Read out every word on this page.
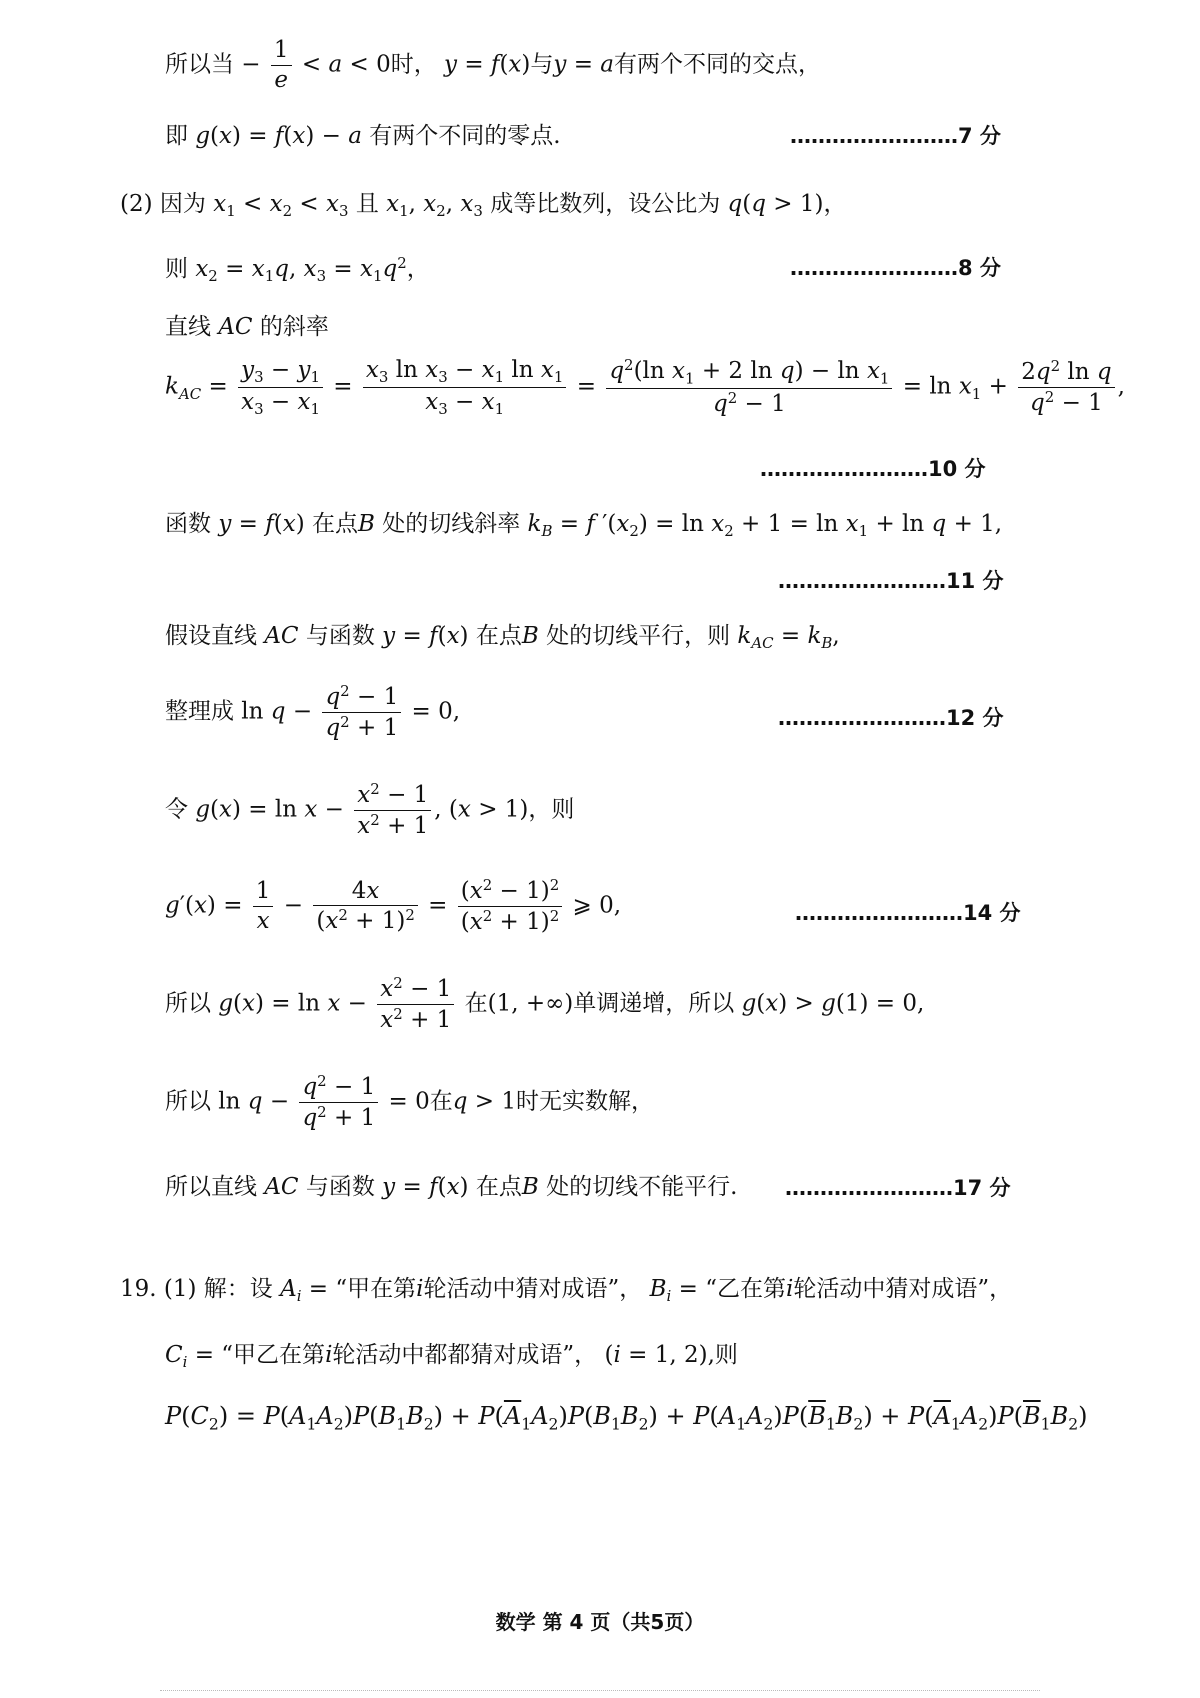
所以当 − $\frac{1}{e} < a < 0$时， y = f(x)与y = a有两个不同的交点，
即 g(x) = f(x) − a 有两个不同的零点.	……………………7 分
(2) 因为 $x_1 < x_2 < x_3$ 且 $x_1$, $x_2$, $x_3$ 成等比数列，设公比为 q(q > 1)，
则 $x_2 = x_1q$, $x_3 = x_1q^2$，	……………………8 分
直线 AC 的斜率
$k_{AC} = \frac{y_3 - y_1}{x_3 - x_1} = \frac{x_3 \ln x_3 - x_1 \ln x_1}{x_3 - x_1} = \frac{q^2(\ln x_1 + 2 \ln q) - \ln x_1}{q^2 - 1} = \ln x_1 + \frac{2q^2 \ln q}{q^2 - 1}$ ,
……………………10 分
函数 y = f(x) 在点B 处的切线斜率 $k_B = f$ $'(x_2) = \ln x_2 + 1 = \ln x_1 + \ln q + 1$,
……………………11 分
假设直线 AC 与函数 y = f(x) 在点B 处的切线平行，则 $k_{AC} = k_B$,
整理成 $\ln q - \frac{q^2 - 1}{q^2 + 1} = 0$,	……………………12 分
令 $g(x) = \ln x - \frac{x^2 - 1}{x^2 + 1}$ , (x > 1)，则
$g'(x) = \frac{1}{x} - \frac{4x}{(x^2 + 1)^2} = \frac{(x^2 - 1)^2}{(x^2 + 1)^2}$ ⩾ 0,	……………………14 分
所以 $g(x) = \ln x - \frac{x^2 - 1}{x^2 + 1}$ 在(1, +∞)单调递增，所以 g(x) > g(1) = 0,
所以 $\ln q - \frac{q^2 - 1}{q^2 + 1} = 0$在q > 1时无实数解，
所以直线 AC 与函数 y = f(x) 在点B 处的切线不能平行. ……………………17 分
19. (1) 解：设 $A_i$ = “甲在第i轮活动中猜对成语”， $B_i$ = “乙在第i轮活动中猜对成语”，
$C_i$ = “甲乙在第i轮活动中都都猜对成语”， (i = 1, 2),则
$P(C_2) = P(A_1A_2)P(B_1B_2) + P(\overline{A}_1A_2)P(B_1B_2) + P(A_1A_2)P(\overline{B}_1B_2) + P(\overline{A}_1A_2)P(\overline{B}_1B_2)$
数学 第 4 页（共5页）
